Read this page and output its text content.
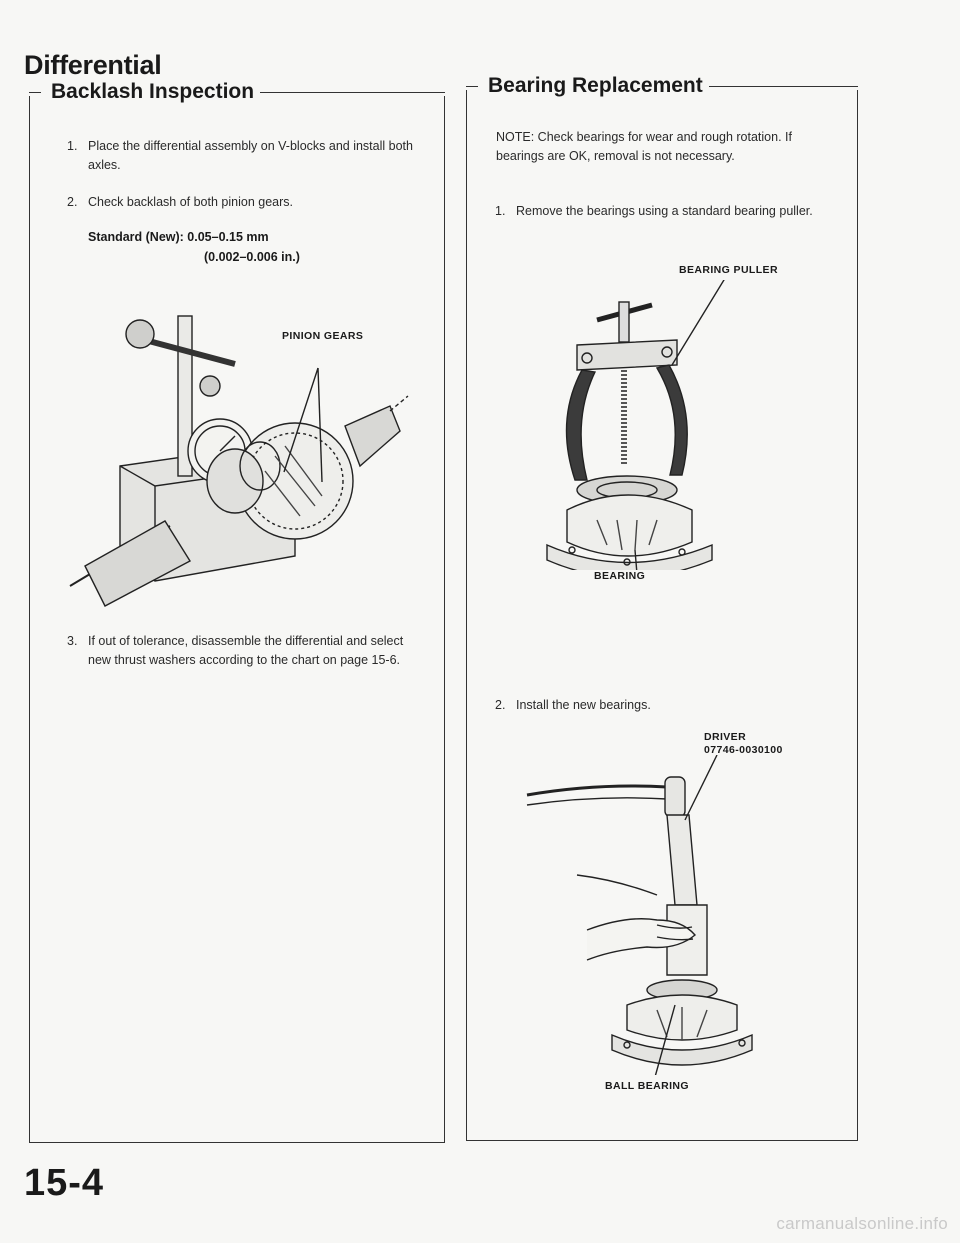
Differential
Backlash Inspection
1. Place the differential assembly on V-blocks and install both axles.
2. Check backlash of both pinion gears.
Standard (New): 0.05–0.15 mm
(0.002–0.006 in.)
PINION GEARS
3. If out of tolerance, disassemble the differential and select new thrust washers according to the chart on page 15-6.
Bearing Replacement
NOTE: Check bearings for wear and rough rotation. If bearings are OK, removal is not necessary.
1. Remove the bearings using a standard bearing puller.
BEARING PULLER
BEARING
2. Install the new bearings.
DRIVER
07746-0030100
BALL BEARING
15-4
carmanualsonline.info
